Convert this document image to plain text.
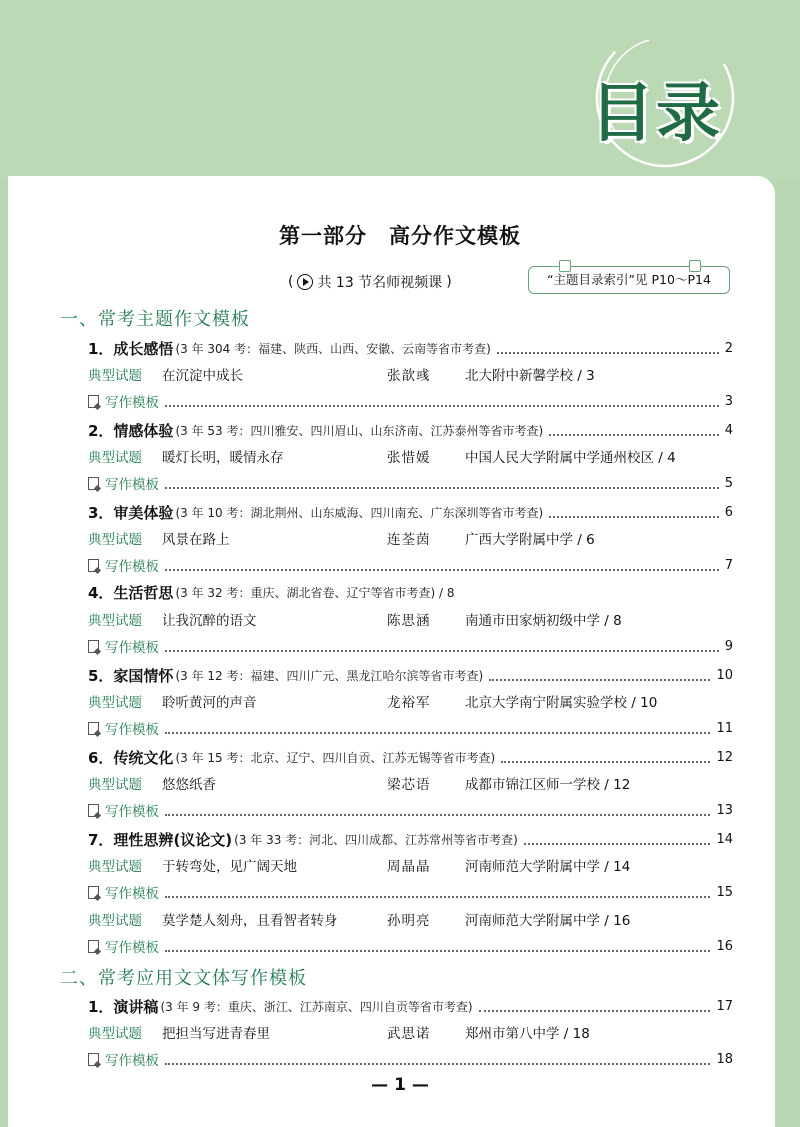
目录
第一部分　高分作文模板
( 共 13 节名师视频课 )	“主题目录索引”见 P10～P14
一、常考主题作文模板
1．成长感悟 (3 年 304 考：福建、陕西、山西、安徽、云南等省市考查)	2
典型试题	在沉淀中成长	张歆彧	北大附中新馨学校 / 3
写作模板	3
2．情感体验 (3 年 53 考：四川雅安、四川眉山、山东济南、江苏泰州等省市考查)	4
典型试题	暖灯长明，暖情永存	张惜媛	中国人民大学附属中学通州校区 / 4
写作模板	5
3．审美体验 (3 年 10 考：湖北荆州、山东威海、四川南充、广东深圳等省市考查)	6
典型试题	风景在路上	连荃茵	广西大学附属中学 / 6
写作模板	7
4．生活哲思 (3 年 32 考：重庆、湖北省卷、辽宁等省市考查) / 8
典型试题	让我沉醉的语文	陈思涵	南通市田家炳初级中学 / 8
写作模板	9
5．家国情怀 (3 年 12 考：福建、四川广元、黑龙江哈尔滨等省市考查)	10
典型试题	聆听黄河的声音	龙裕军	北京大学南宁附属实验学校 / 10
写作模板	11
6．传统文化 (3 年 15 考：北京、辽宁、四川自贡、江苏无锡等省市考查)	12
典型试题	悠悠纸香	梁芯语	成都市锦江区师一学校 / 12
写作模板	13
7．理性思辨(议论文) (3 年 33 考：河北、四川成都、江苏常州等省市考查)	14
典型试题	于转弯处，见广阔天地	周晶晶	河南师范大学附属中学 / 14
写作模板	15
典型试题	莫学楚人刻舟，且看智者转身	孙明亮	河南师范大学附属中学 / 16
写作模板	16
二、常考应用文文体写作模板
1．演讲稿 (3 年 9 考：重庆、浙江、江苏南京、四川自贡等省市考查)	17
典型试题	把担当写进青春里	武思诺	郑州市第八中学 / 18
写作模板	18
— 1 —
